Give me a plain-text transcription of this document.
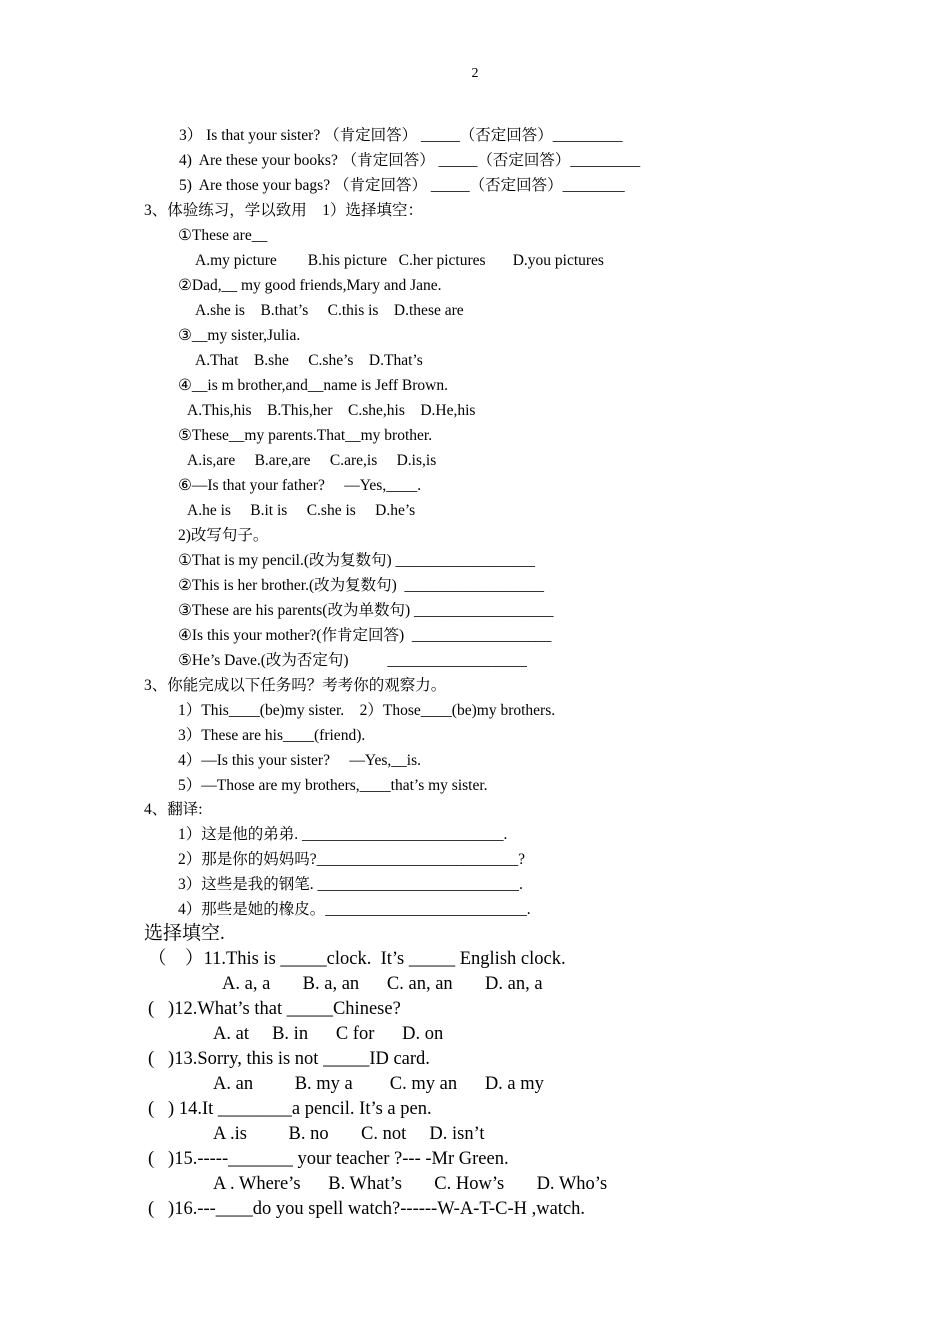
2
3） Is that your sister? （肯定回答） _____（否定回答）_________
4)  Are these your books? （肯定回答） _____（否定回答）_________
5)  Are those your bags? （肯定回答） _____（否定回答）________
3、体验练习，学以致用    1）选择填空：
①These are__
A.my picture        B.his picture   C.her pictures       D.you pictures
②Dad,__ my good friends,Mary and Jane.
A.she is    B.that’s     C.this is    D.these are
③__my sister,Julia.
A.That    B.she     C.she’s    D.That’s
④__is m brother,and__name is Jeff Brown.
A.This,his    B.This,her    C.she,his    D.He,his
⑤These__my parents.That__my brother.
A.is,are     B.are,are     C.are,is     D.is,is
⑥—Is that your father?     —Yes,____.
A.he is     B.it is     C.she is     D.he’s
2)改写句子。
①That is my pencil.(改为复数句) __________________
②This is her brother.(改为复数句)  __________________
③These are his parents(改为单数句) __________________
④Is this your mother?(作肯定回答)  __________________
⑤He’s Dave.(改为否定句)          __________________
3、你能完成以下任务吗？考考你的观察力。
1）This____(be)my sister.    2）Those____(be)my brothers.
3）These are his____(friend).
4）—Is this your sister?     —Yes,__is.
5）—Those are my brothers,____that’s my sister.
4、翻译:
1）这是他的弟弟. __________________________.
2）那是你的妈妈吗?__________________________?
3）这些是我的钢笔. __________________________.
4）那些是她的橡皮。__________________________.
选择填空.
（    ）11.This is _____clock.  It’s _____ English clock.
A. a, a       B. a, an      C. an, an       D. an, a
(   )12.What’s that _____Chinese?
A. at     B. in      C for      D. on
(   )13.Sorry, this is not _____ID card.
A. an         B. my a        C. my an      D. a my
(   ) 14.It ________a pencil. It’s a pen.
A .is         B. no       C. not     D. isn’t
(   )15.-----_______ your teacher ?--- -Mr Green.
A . Where’s      B. What’s       C. How’s       D. Who’s
(   )16.---____do you spell watch?------W-A-T-C-H ,watch.
